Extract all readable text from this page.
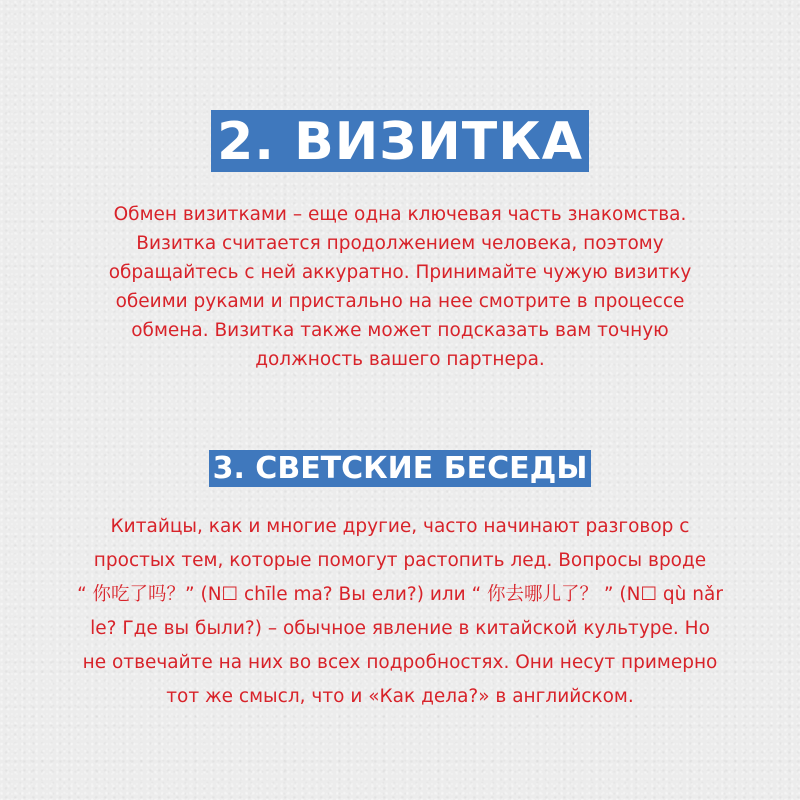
2. ВИЗИТКА
Обмен визитками – еще одна ключевая часть знакомства.
Визитка считается продолжением человека, поэтому
обращайтесь с ней аккуратно. Принимайте чужую визитку
обеими руками и пристально на нее смотрите в процессе
обмена. Визитка также может подсказать вам точную
должность вашего партнера.
3. СВЕТСКИЕ БЕСЕДЫ
Китайцы, как и многие другие, часто начинают разговор с
простых тем, которые помогут растопить лед. Вопросы вроде
“ 你吃了吗？” (N☐ chīle ma? Вы ели?) или “ 你去哪儿了？ ” (N☐ qù nǎr
le? Где вы были?) – обычное явление в китайской культуре. Но
не отвечайте на них во всех подробностях. Они несут примерно
тот же смысл, что и «Как дела?» в английском.
